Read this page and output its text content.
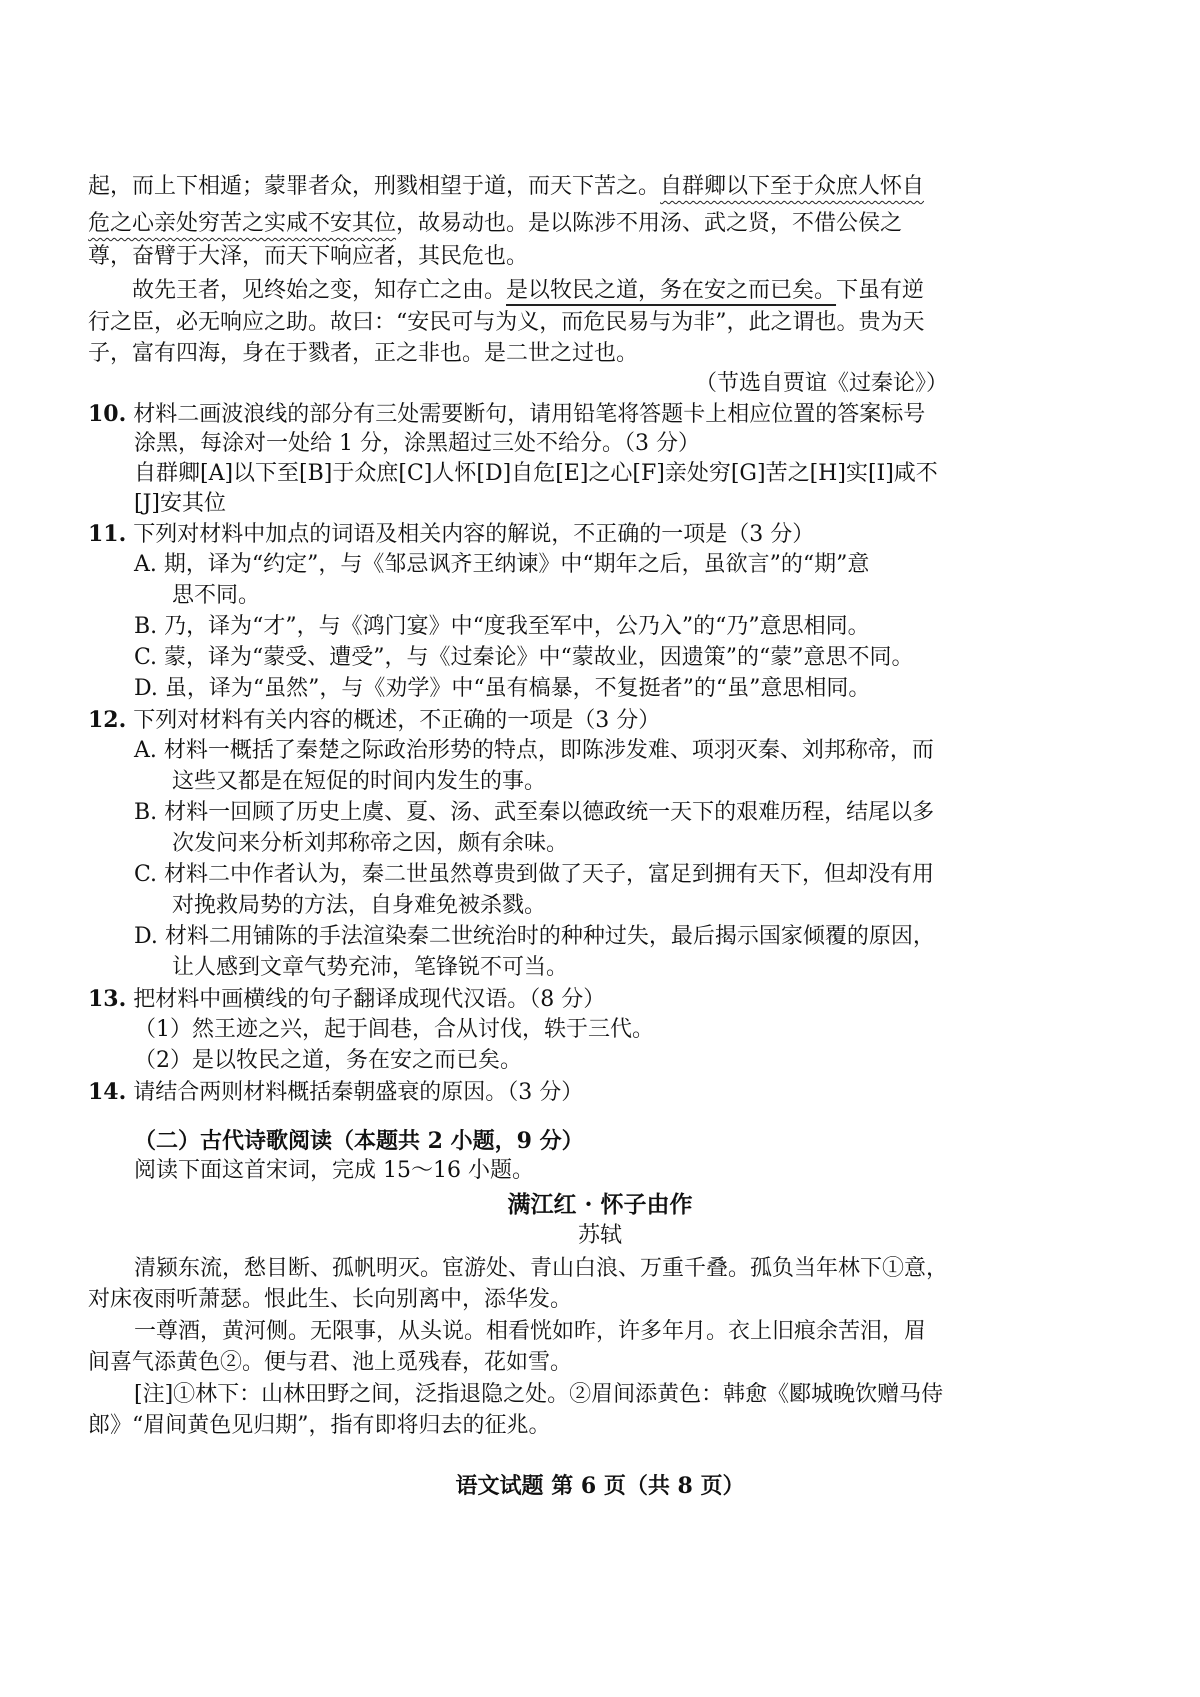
起，而上下相遁；蒙罪者众，刑戮相望于道，而天下苦之。自群卿以下至于众庶人怀自
危之心亲处穷苦之实咸不安其位，故易动也。是以陈涉不用汤、武之贤，不借公侯之
尊，奋臂于大泽，而天下响应者，其民危也。
故先王者，见终始之变，知存亡之由。是以牧民之道，务在安之而已矣。下虽有逆
行之臣，必无响应之助。故曰：“安民可与为义，而危民易与为非”，此之谓也。贵为天
子，富有四海，身在于戮者，正之非也。是二世之过也。
（节选自贾谊《过秦论》）
10. 材料二画波浪线的部分有三处需要断句，请用铅笔将答题卡上相应位置的答案标号
涂黑，每涂对一处给 1 分，涂黑超过三处不给分。（3 分）
自群卿[A]以下至[B]于众庶[C]人怀[D]自危[E]之心[F]亲处穷[G]苦之[H]实[I]咸不
[J]安其位
11. 下列对材料中加点的词语及相关内容的解说，不正确的一项是（3 分）
A. 期，译为“约定”，与《邹忌讽齐王纳谏》中“期年之后，虽欲言”的“期”意
思不同。
B. 乃，译为“才”，与《鸿门宴》中“度我至军中，公乃入”的“乃”意思相同。
C. 蒙，译为“蒙受、遭受”，与《过秦论》中“蒙故业，因遗策”的“蒙”意思不同。
D. 虽，译为“虽然”，与《劝学》中“虽有槁暴，不复挺者”的“虽”意思相同。
12. 下列对材料有关内容的概述，不正确的一项是（3 分）
A. 材料一概括了秦楚之际政治形势的特点，即陈涉发难、项羽灭秦、刘邦称帝，而
这些又都是在短促的时间内发生的事。
B. 材料一回顾了历史上虞、夏、汤、武至秦以德政统一天下的艰难历程，结尾以多
次发问来分析刘邦称帝之因，颇有余味。
C. 材料二中作者认为，秦二世虽然尊贵到做了天子，富足到拥有天下，但却没有用
对挽救局势的方法，自身难免被杀戮。
D. 材料二用铺陈的手法渲染秦二世统治时的种种过失，最后揭示国家倾覆的原因，
让人感到文章气势充沛，笔锋锐不可当。
13. 把材料中画横线的句子翻译成现代汉语。（8 分）
（1）然王迹之兴，起于闾巷，合从讨伐，轶于三代。
（2）是以牧民之道，务在安之而已矣。
14. 请结合两则材料概括秦朝盛衰的原因。（3 分）
（二）古代诗歌阅读（本题共 2 小题，9 分）
阅读下面这首宋词，完成 15～16 小题。
满江红 · 怀子由作
苏轼
清颍东流，愁目断、孤帆明灭。宦游处、青山白浪、万重千叠。孤负当年林下①意，
对床夜雨听萧瑟。恨此生、长向别离中，添华发。
一尊酒，黄河侧。无限事，从头说。相看恍如昨，许多年月。衣上旧痕余苦泪，眉
间喜气添黄色②。便与君、池上觅残春，花如雪。
[注]①林下：山林田野之间，泛指退隐之处。②眉间添黄色：韩愈《郾城晚饮赠马侍
郎》“眉间黄色见归期”，指有即将归去的征兆。
语文试题 第 6 页（共 8 页）
